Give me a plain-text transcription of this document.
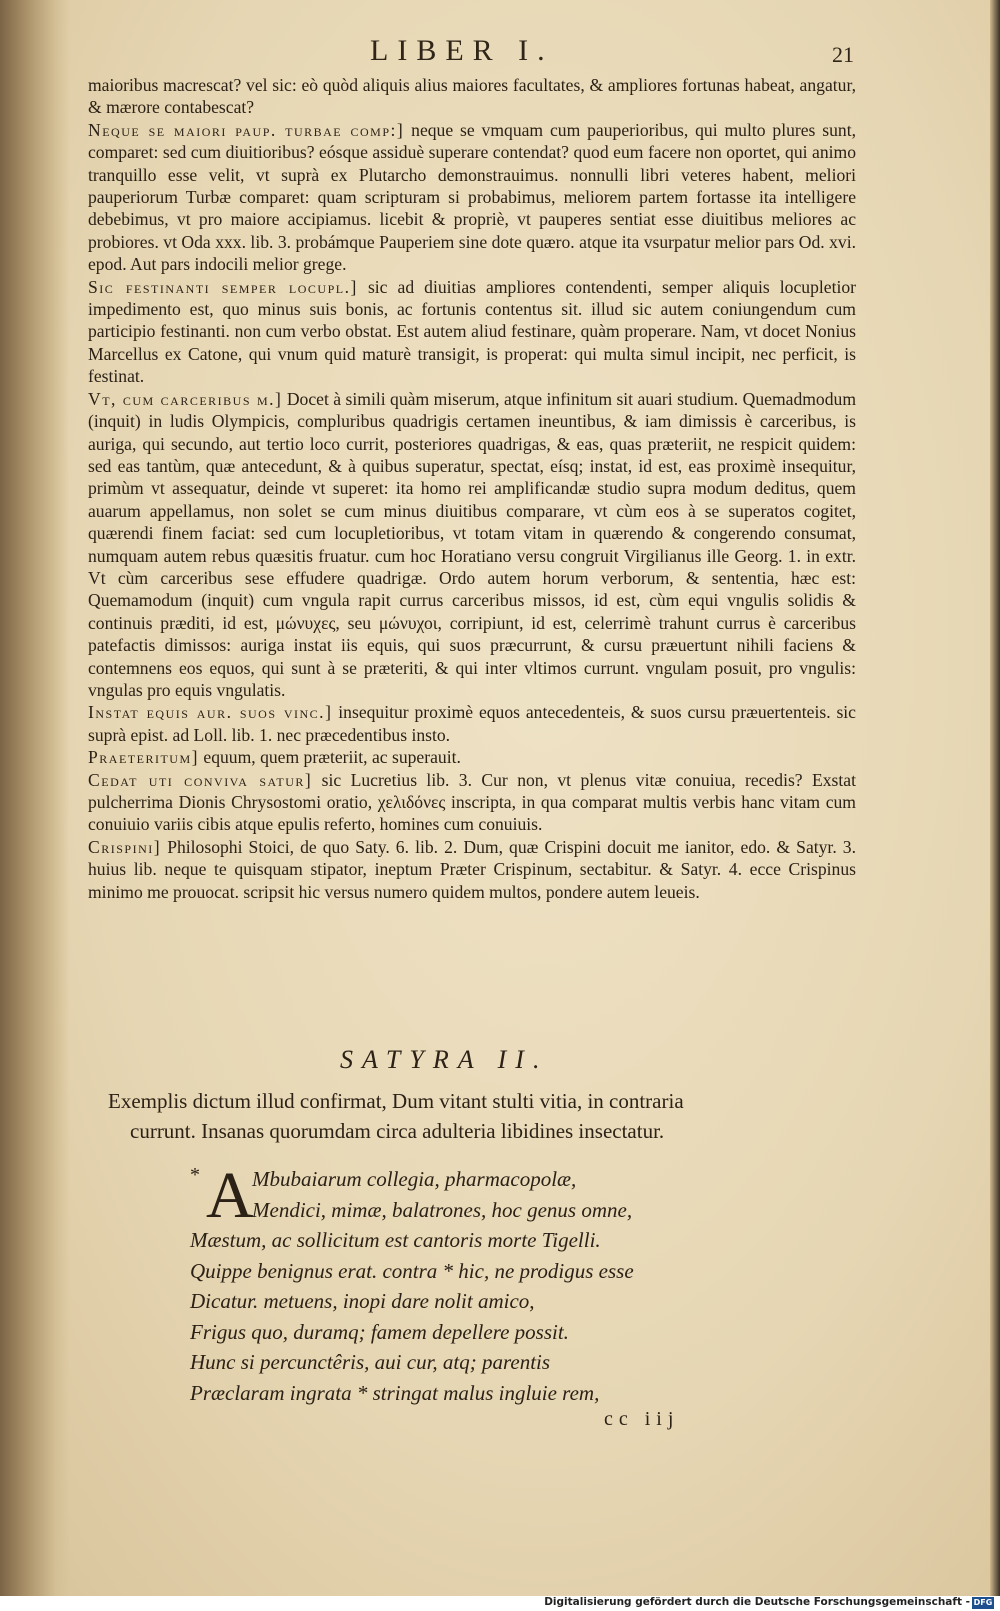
LIBER I.	21

maioribus macrescat? vel sic: eò quòd aliquis alius maiores facultates, & ampliores fortunas habeat, angatur, & mærore contabescat?

Neque se maiori paup. turbae comp:] neque se vmquam cum pauperioribus, qui multo plures sunt, comparet: sed cum diuitioribus? eósque assiduè superare contendat? quod eum facere non oportet, qui animo tranquillo esse velit, vt suprà ex Plutarcho demonstrauimus. nonnulli libri veteres habent, meliori pauperiorum Turbæ comparet: quam scripturam si probabimus, meliorem partem fortasse ita intelligere debebimus, vt pro maiore accipiamus. licebit & propriè, vt pauperes sentiat esse diuitibus meliores ac probiores. vt Oda xxx. lib. 3. probámque Pauperiem sine dote quæro. atque ita vsurpatur melior pars Od. xvi. epod. Aut pars indocili melior grege.

Sic festinanti semper locupl.] sic ad diuitias ampliores contendenti, semper aliquis locupletior impedimento est, quo minus suis bonis, ac fortunis contentus sit. illud sic autem coniungendum cum participio festinanti. non cum verbo obstat. Est autem aliud festinare, quàm properare. Nam, vt docet Nonius Marcellus ex Catone, qui vnum quid maturè transigit, is properat: qui multa simul incipit, nec perficit, is festinat.

Vt, cum carceribus m.] Docet à simili quàm miserum, atque infinitum sit auari studium. Quemadmodum (inquit) in ludis Olympicis, compluribus quadrigis certamen ineuntibus, & iam dimissis è carceribus, is auriga, qui secundo, aut tertio loco currit, posteriores quadrigas, & eas, quas præteriit, ne respicit quidem: sed eas tantùm, quæ antecedunt, & à quibus superatur, spectat, eísq; instat, id est, eas proximè insequitur, primùm vt assequatur, deinde vt superet: ita homo rei amplificandæ studio supra modum deditus, quem auarum appellamus, non solet se cum minus diuitibus comparare, vt cùm eos à se superatos cogitet, quærendi finem faciat: sed cum locupletioribus, vt totam vitam in quærendo & congerendo consumat, numquam autem rebus quæsitis fruatur. cum hoc Horatiano versu congruit Virgilianus ille Georg. 1. in extr. Vt cùm carceribus sese effudere quadrigæ. Ordo autem horum verborum, & sententia, hæc est: Quemamodum (inquit) cum vngula rapit currus carceribus missos, id est, cùm equi vngulis solidis & continuis præditi, id est, μώνυχες, seu μώνυχοι, corripiunt, id est, celerrimè trahunt currus è carceribus patefactis dimissos: auriga instat iis equis, qui suos præcurrunt, & cursu præuertunt nihili faciens & contemnens eos equos, qui sunt à se præteriti, & qui inter vltimos currunt. vngulam posuit, pro vngulis: vngulas pro equis vngulatis.

Instat equis aur. suos vinc.] insequitur proximè equos antecedenteis, & suos cursu præuertenteis. sic suprà epist. ad Loll. lib. 1. nec præcedentibus insto.

Praeteritum] equum, quem præteriit, ac superauit.

Cedat uti conviva satur] sic Lucretius lib. 3. Cur non, vt plenus vitæ conuiua, recedis? Exstat pulcherrima Dionis Chrysostomi oratio, χελιδόνες inscripta, in qua comparat multis verbis hanc vitam cum conuiuio variis cibis atque epulis referto, homines cum conuiuis.

Crispini] Philosophi Stoici, de quo Saty. 6. lib. 2. Dum, quæ Crispini docuit me ianitor, edo. & Satyr. 3. huius lib. neque te quisquam stipator, ineptum Præter Crispinum, sectabitur. & Satyr. 4. ecce Crispinus minimo me prouocat. scripsit hic versus numero quidem multos, pondere autem leueis.

SATYRA II.
Exemplis dictum illud confirmat, Dum vitant stulti vitia, in contraria
currunt. Insanas quorumdam circa adulteria libidines insectatur.
* A
Mbubaiarum collegia, pharmacopolæ,
Mendici, mimæ, balatrones, hoc genus omne,
Mæstum, ac sollicitum est cantoris morte Tigelli.
Quippe benignus erat. contra * hic, ne prodigus esse
Dicatur. metuens, inopi dare nolit amico,
Frigus quo, duramq; famem depellere possit.
Hunc si percunctêris, aui cur, atq; parentis
Præclaram ingrata * stringat malus ingluie rem,
cc iij
Digitalisierung gefördert durch die Deutsche Forschungsgemeinschaft - DFG
